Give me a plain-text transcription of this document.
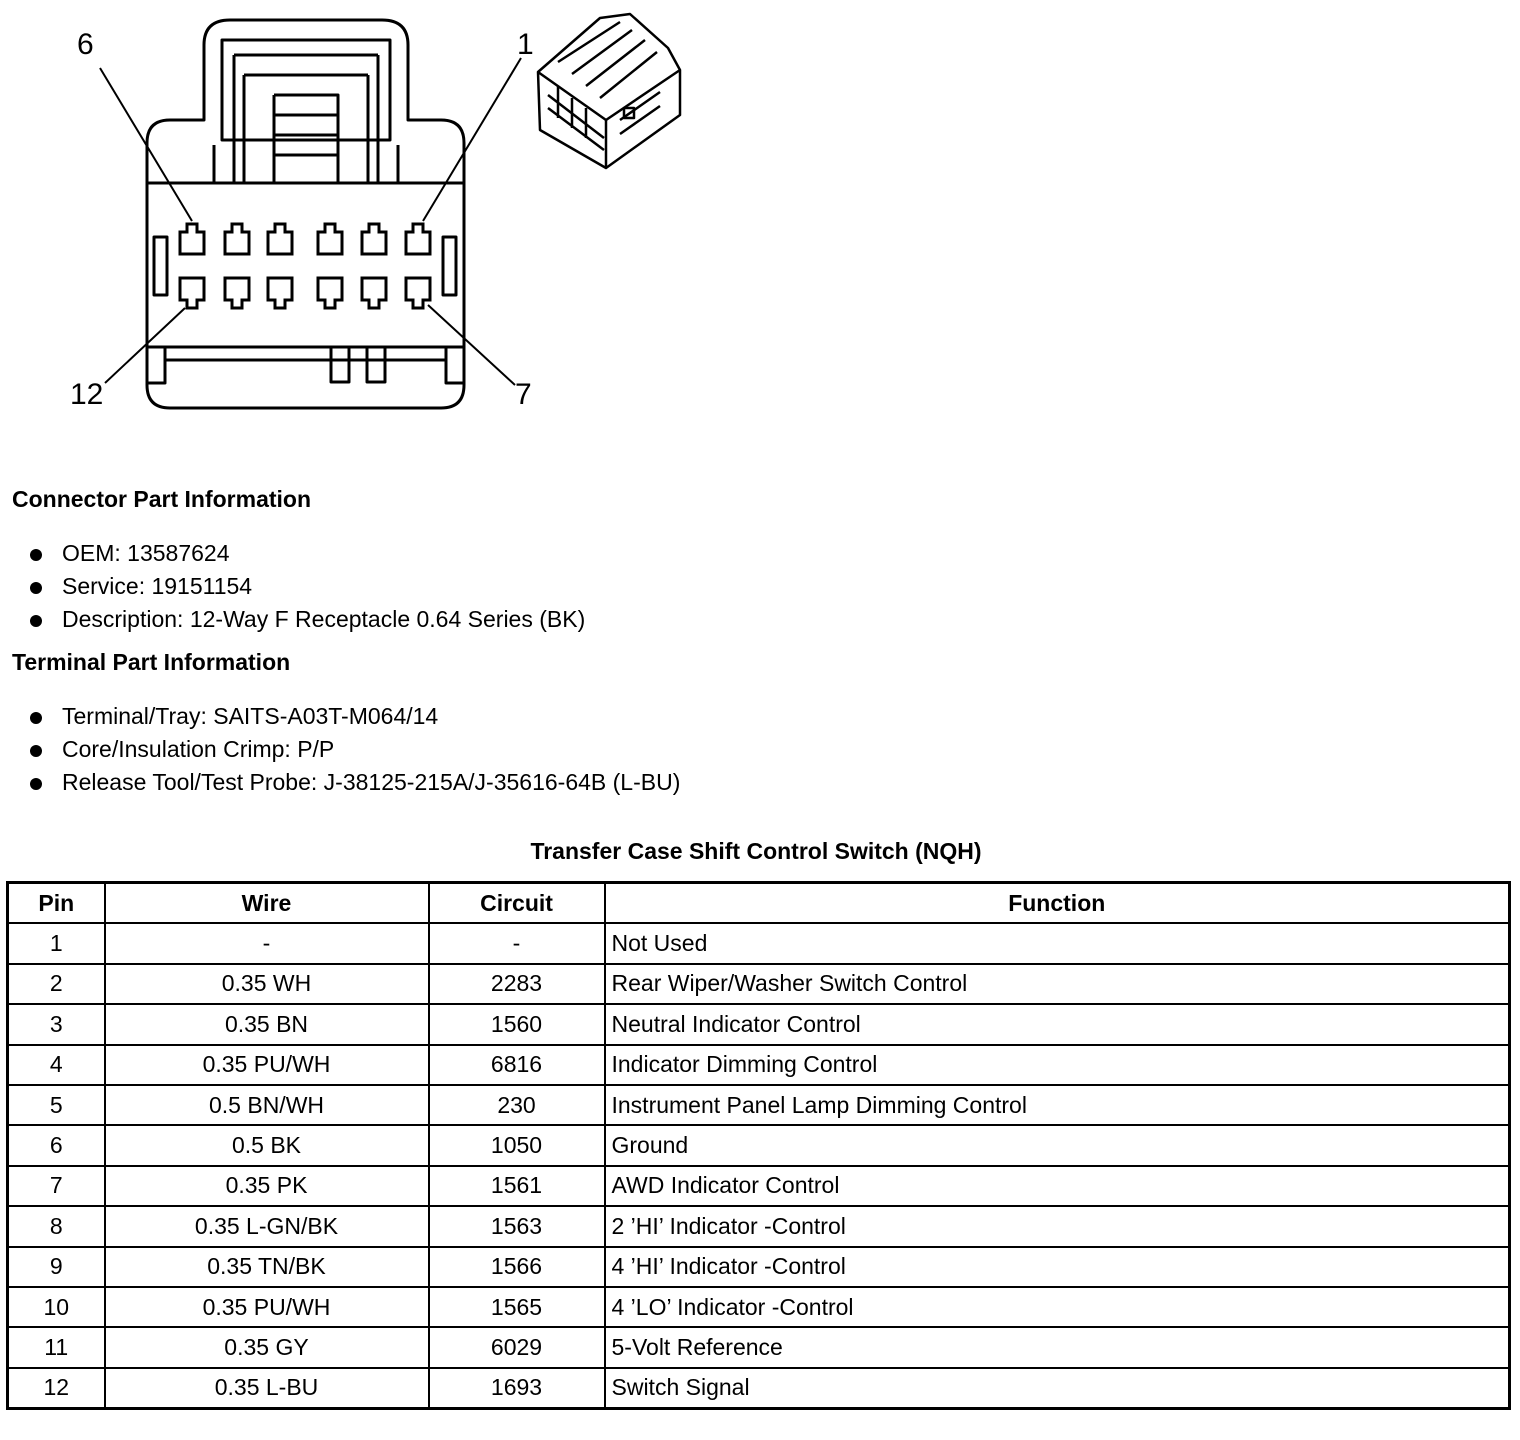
6	1
12	7
Connector Part Information
OEM: 13587624
Service: 19151154
Description: 12-Way F Receptacle 0.64 Series (BK)
Terminal Part Information
Terminal/Tray: SAITS-A03T-M064/14
Core/Insulation Crimp: P/P
Release Tool/Test Probe: J-38125-215A/J-35616-64B (L-BU)
Transfer Case Shift Control Switch (NQH)
Pin	Wire	Circuit	Function
1	-	-	Not Used
2	0.35 WH	2283	Rear Wiper/Washer Switch Control
3	0.35 BN	1560	Neutral Indicator Control
4	0.35 PU/WH	6816	Indicator Dimming Control
5	0.5 BN/WH	230	Instrument Panel Lamp Dimming Control
6	0.5 BK	1050	Ground
7	0.35 PK	1561	AWD Indicator Control
8	0.35 L-GN/BK	1563	2 ’HI’ Indicator -Control
9	0.35 TN/BK	1566	4 ’HI’ Indicator -Control
10	0.35 PU/WH	1565	4 ’LO’ Indicator -Control
11	0.35 GY	6029	5-Volt Reference
12	0.35 L-BU	1693	Switch Signal
